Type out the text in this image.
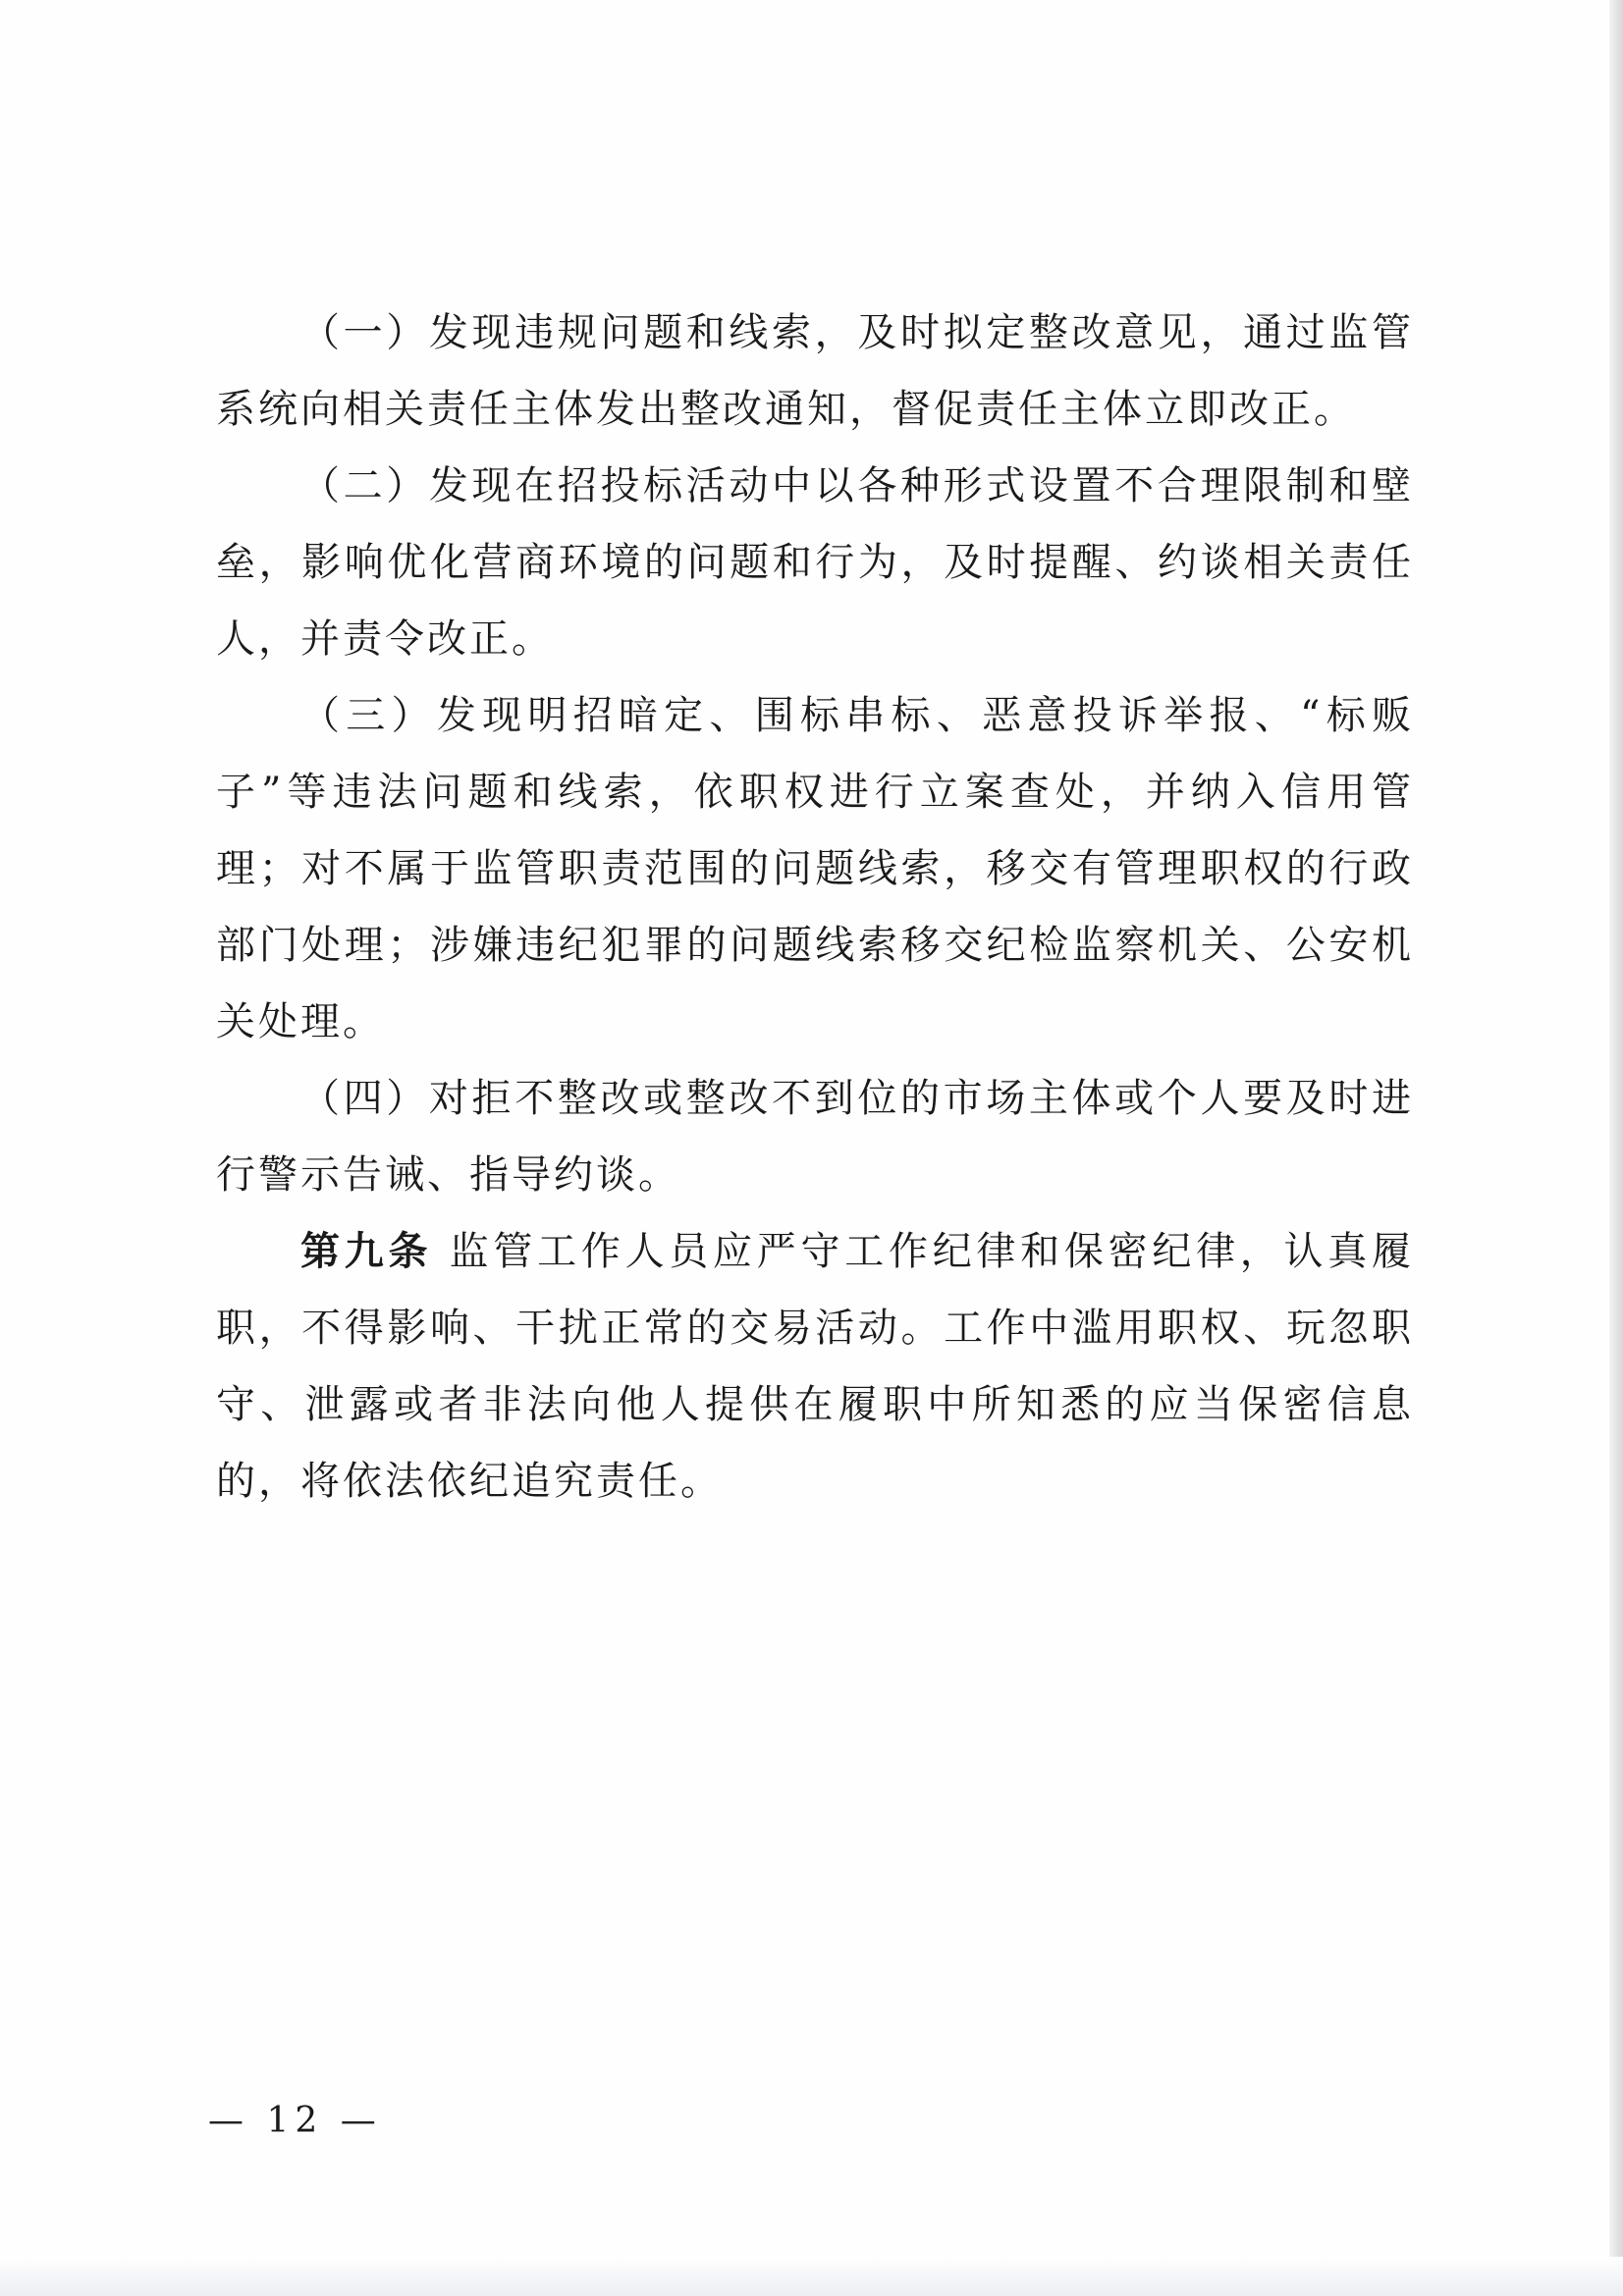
（一）发现违规问题和线索，及时拟定整改意见，通过监管系统向相关责任主体发出整改通知，督促责任主体立即改正。

（二）发现在招投标活动中以各种形式设置不合理限制和壁垒，影响优化营商环境的问题和行为，及时提醒、约谈相关责任人，并责令改正。

（三）发现明招暗定、围标串标、恶意投诉举报、“标贩子”等违法问题和线索，依职权进行立案查处，并纳入信用管理；对不属于监管职责范围的问题线索，移交有管理职权的行政部门处理；涉嫌违纪犯罪的问题线索移交纪检监察机关、公安机关处理。

（四）对拒不整改或整改不到位的市场主体或个人要及时进行警示告诫、指导约谈。

第九条 监管工作人员应严守工作纪律和保密纪律，认真履职，不得影响、干扰正常的交易活动。工作中滥用职权、玩忽职守、泄露或者非法向他人提供在履职中所知悉的应当保密信息的，将依法依纪追究责任。

— 12 —
